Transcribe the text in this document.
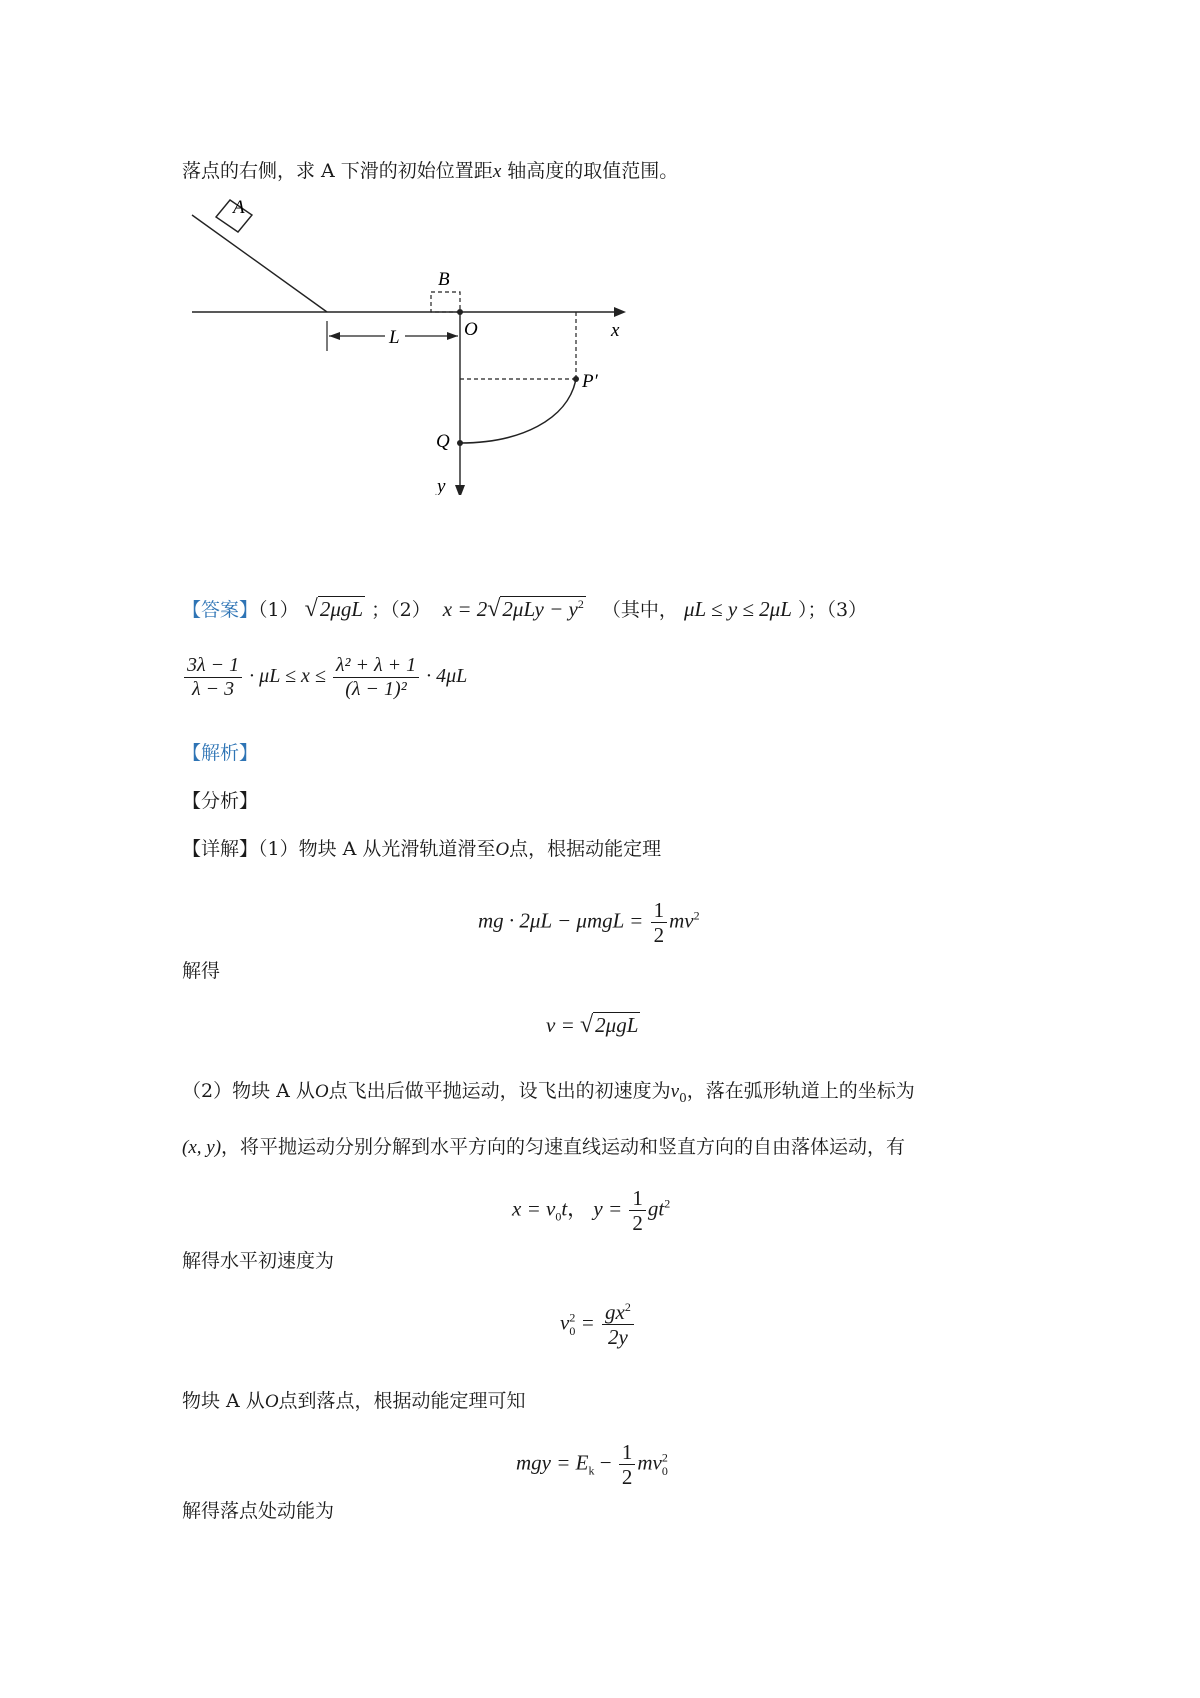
落点的右侧，求 A 下滑的初始位置距x 轴高度的取值范围。
A
x
B
O
y
L
P′
Q
【答案】（1） √2μgL ；（2） $x = 2√2\mu Ly - y^2$ （其中， μL ≤ y ≤ 2μL ）；（3）
$\frac{3\lambda - 1}{\lambda - 3} \cdot \mu L \le x \le \frac{\text{λ² + λ + 1}}{\text{(λ − 1)²}} \cdot 4\mu L$
【解析】
【分析】
【详解】（1）物块 A 从光滑轨道滑至O点，根据动能定理
mg · $2\mu L - \mu mgL = \frac{1}{2} mv^2$
解得
v = √2μgL
（2）物块 A 从O点飞出后做平抛运动，设飞出的初速度为$v_0$，落在弧形轨道上的坐标为
(x, y)，将平抛运动分别分解到水平方向的匀速直线运动和竖直方向的自由落体运动，有
$x = v_0t$， $y = \frac{1}{2} gt^2$
解得水平初速度为
$v^2_0 = \frac{gx^2}{2y}$
物块 A 从O点到落点，根据动能定理可知
mgy = $E_k - \frac{1}{2} mv^2_0$
解得落点处动能为
